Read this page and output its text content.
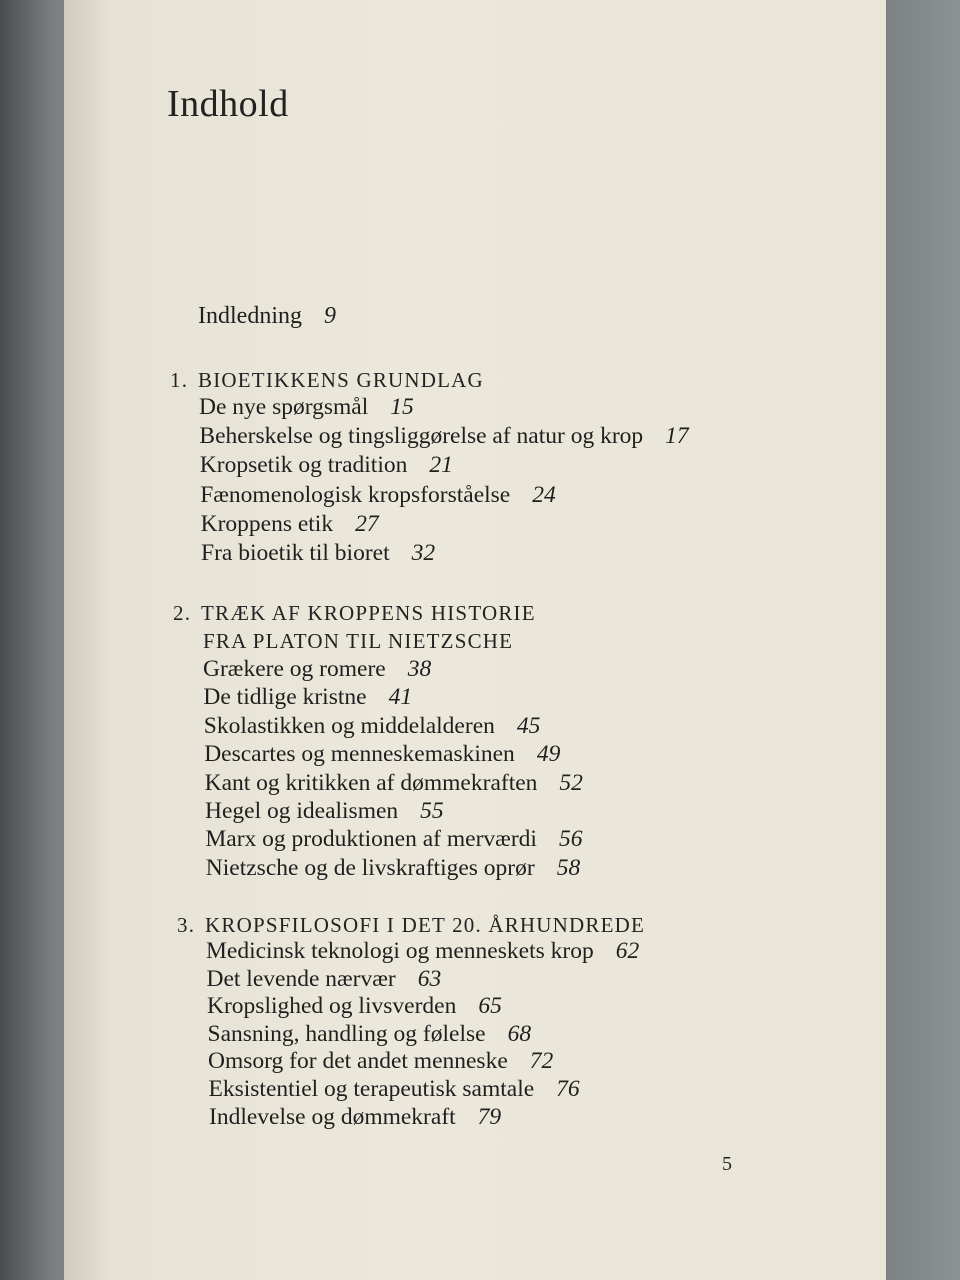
Indhold
Indledning 9
1. BIOETIKKENS GRUNDLAG
De nye spørgsmål 15
Beherskelse og tingsliggørelse af natur og krop 17
Kropsetik og tradition 21
Fænomenologisk kropsforståelse 24
Kroppens etik 27
Fra bioetik til bioret 32
2. TRÆK AF KROPPENS HISTORIE
FRA PLATON TIL NIETZSCHE
Grækere og romere 38
De tidlige kristne 41
Skolastikken og middelalderen 45
Descartes og menneskemaskinen 49
Kant og kritikken af dømmekraften 52
Hegel og idealismen 55
Marx og produktionen af merværdi 56
Nietzsche og de livskraftiges oprør 58
3. KROPSFILOSOFI I DET 20. ÅRHUNDREDE
Medicinsk teknologi og menneskets krop 62
Det levende nærvær 63
Kropslighed og livsverden 65
Sansning, handling og følelse 68
Omsorg for det andet menneske 72
Eksistentiel og terapeutisk samtale 76
Indlevelse og dømmekraft 79
5
